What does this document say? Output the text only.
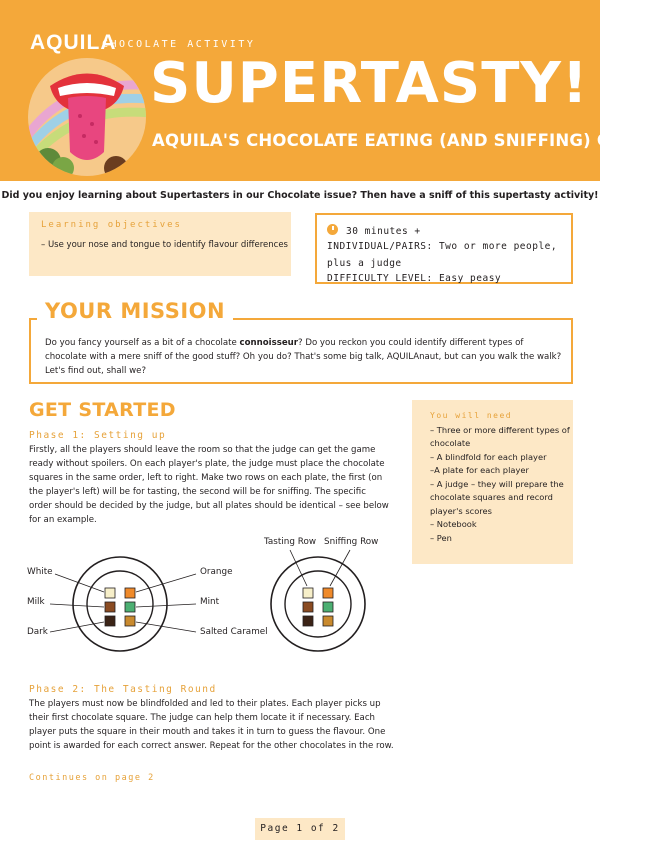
AQUILA
CHOCOLATE ACTIVITY
SUPERTASTY!
AQUILA'S CHOCOLATE EATING (AND SNIFFING) GAME
Did you enjoy learning about Supertasters in our Chocolate issue? Then have a sniff of this supertasty activity!
Learning objectives
– Use your nose and tongue to identify flavour differences
30 minutes +
INDIVIDUAL/PAIRS: Two or more people,
plus a judge
DIFFICULTY LEVEL: Easy peasy
Do you fancy yourself as a bit of a chocolate connoisseur? Do you reckon you could identify different types of chocolate with a mere sniff of the good stuff? Oh you do? That's some big talk, AQUILAnaut, but can you walk the walk? Let's find out, shall we?
YOUR MISSION
GET STARTED
Phase 1: Setting up
Firstly, all the players should leave the room so that the judge can get the game ready without spoilers. On each player's plate, the judge must place the chocolate squares in the same order, left to right. Make two rows on each plate, the first (on the player's left) will be for tasting, the second will be for sniffing. The specific order should be decided by the judge, but all plates should be identical – see below for an example.
You will need
– Three or more different types of chocolate
– A blindfold for each player
–A plate for each player
– A judge – they will prepare the chocolate squares and record player's scores
– Notebook
– Pen
White
Milk
Dark
Orange
Mint
Salted Caramel
Tasting Row Sniffing Row
Phase 2: The Tasting Round
The players must now be blindfolded and led to their plates. Each player picks up their first chocolate square. The judge can help them locate it if necessary. Each player puts the square in their mouth and takes it in turn to guess the flavour. One point is awarded for each correct answer. Repeat for the other chocolates in the row.
Continues on page 2
Page 1 of 2
